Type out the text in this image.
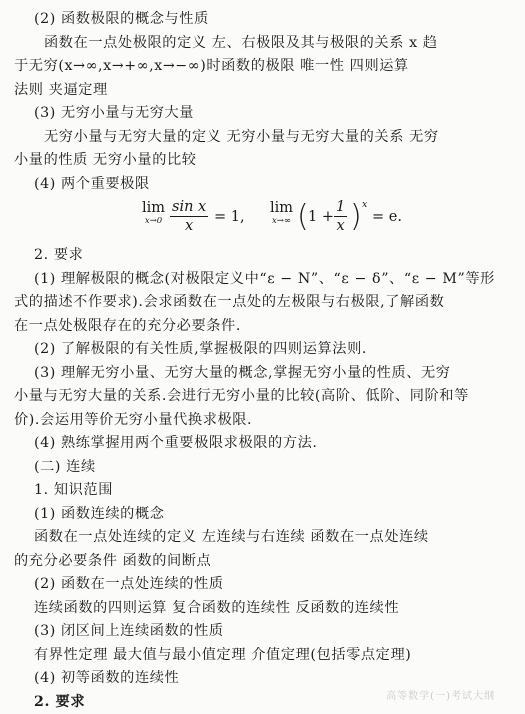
(2) 函数极限的概念与性质
函数在一点处极限的定义 左、右极限及其与极限的关系 x 趋
于无穷(x→∞,x→+∞,x→−∞)时函数的极限 唯一性 四则运算
法则 夹逼定理
(3) 无穷小量与无穷大量
无穷小量与无穷大量的定义 无穷小量与无穷大量的关系 无穷
小量的性质 无穷小量的比较
(4) 两个重要极限
lim
$x\to 0 \frac{\text{sin x}}{x} = 1$,
lim
x→∞ ( $1 + \frac{1}{x}$ ) x
= e.
2. 要求
(1) 理解极限的概念(对极限定义中“ε − N”、“ε − δ”、“ε − M”等形
式的描述不作要求).会求函数在一点处的左极限与右极限,了解函数
在一点处极限存在的充分必要条件.
(2) 了解极限的有关性质,掌握极限的四则运算法则.
(3) 理解无穷小量、无穷大量的概念,掌握无穷小量的性质、无穷
小量与无穷大量的关系.会进行无穷小量的比较(高阶、低阶、同阶和等
价).会运用等价无穷小量代换求极限.
(4) 熟练掌握用两个重要极限求极限的方法.
(二) 连续
1. 知识范围
(1) 函数连续的概念
函数在一点处连续的定义 左连续与右连续 函数在一点处连续
的充分必要条件 函数的间断点
(2) 函数在一点处连续的性质
连续函数的四则运算 复合函数的连续性 反函数的连续性
(3) 闭区间上连续函数的性质
有界性定理 最大值与最小值定理 介值定理(包括零点定理)
(4) 初等函数的连续性
2. 要求	高等数学(一)考试大纲
